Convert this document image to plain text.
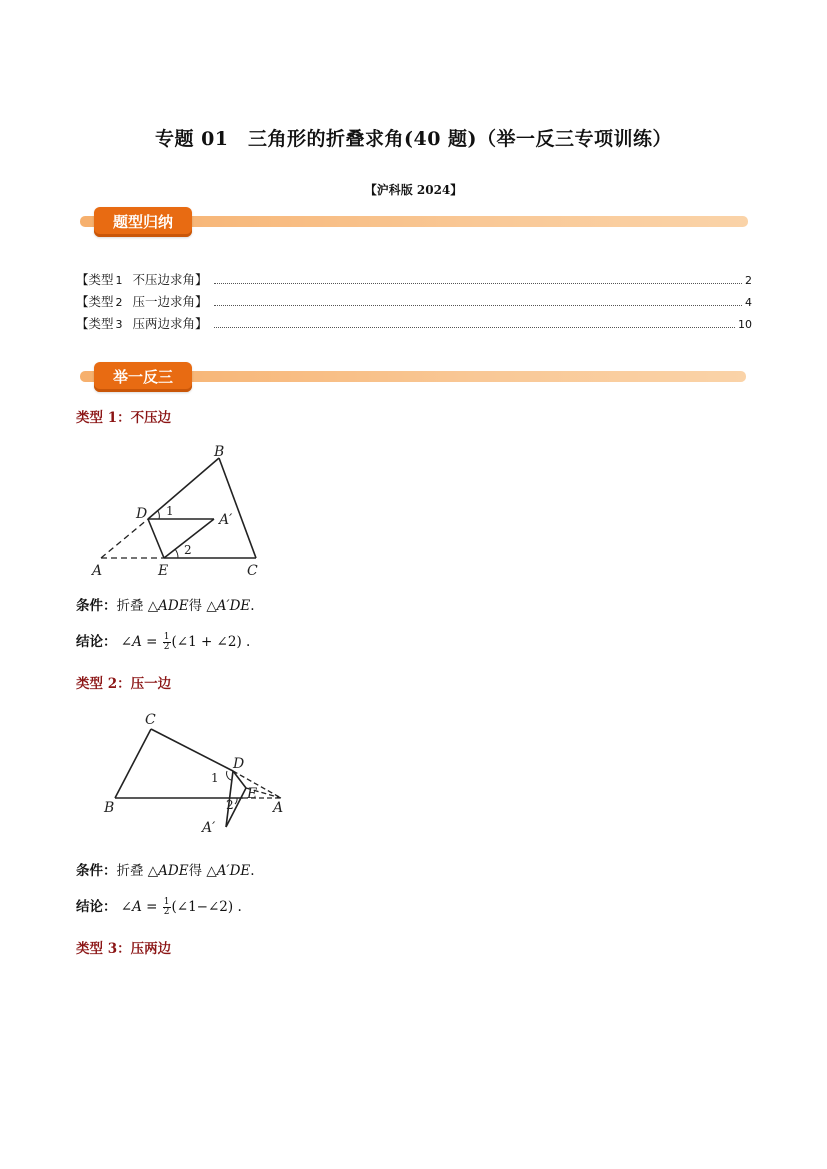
专题 01　三角形的折叠求角(40 题)（举一反三专项训练）
【沪科版 2024】
题型归纳
【类型 1 不压边求角】	2
【类型 2 压一边求角】	4
【类型 3 压两边求角】	10
举一反三
类型 1：不压边
B
D 1
A′
2
A	E	C
条件：折叠 △ADE得 △A′DE.
结论： ∠A = $\frac{1}{2}$ (∠1 + ∠2) .
类型 2：压一边
C
D
1
B	2
E
A
A′
条件：折叠 △ADE得 △A′DE.
结论： ∠A = $\frac{1}{2}$ (∠1−∠2) .
类型 3：压两边
